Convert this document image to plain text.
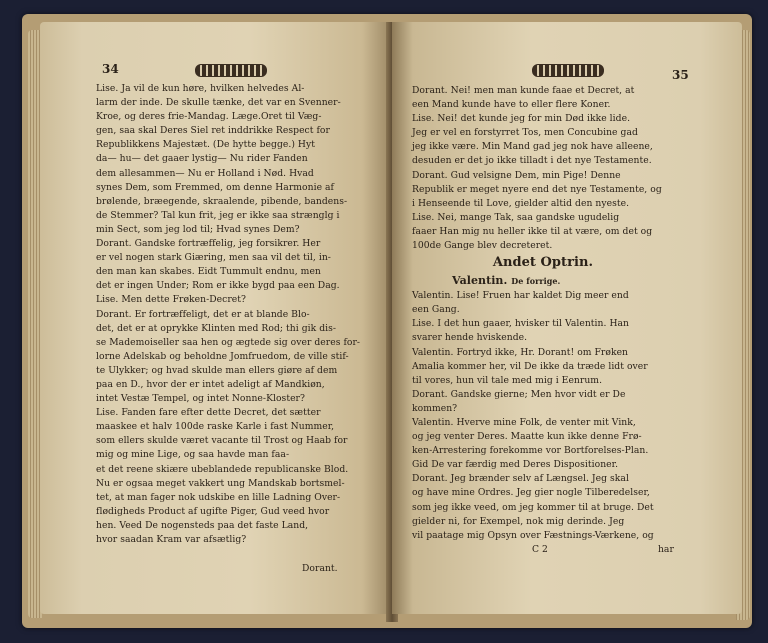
34
Lise. Ja vil de kun høre, hvilken helvedes Al-
larm der inde. De skulle tænke, det var en Svenner-
Kroe, og deres frie-Mandag. Læge.Oret til Væg-
gen, saa skal Deres Siel ret inddrikke Respect for
Republikkens Majestæt. (De hytte begge.) Hyt
da— hu— det gaaer lystig— Nu rider Fanden
dem allesammen— Nu er Holland i Nød. Hvad
synes Dem, som Fremmed, om denne Harmonie af
brølende, bræegende, skraalende, pibende, bandens-
de Stemmer? Tal kun frit, jeg er ikke saa strænglg i
min Sect, som jeg lod til; Hvad synes Dem?
Dorant. Gandske fortræffelig, jeg forsikrer. Her
er vel nogen stark Giæring, men saa vil det til, in-
den man kan skabes. Eidt Tummult endnu, men
det er ingen Under; Rom er ikke bygd paa een Dag.
Lise. Men dette Frøken-Decret?
Dorant. Er fortræffeligt, det er at blande Blo-
det, det er at oprykke Klinten med Rod; thi gik dis-
se Mademoiseller saa hen og ægtede sig over deres for-
lorne Adelskab og beholdne Jomfruedom, de ville stif-
te Ulykker; og hvad skulde man ellers giøre af dem
paa en D., hvor der er intet adeligt af Mandkiøn,
intet Vestæ Tempel, og intet Nonne-Kloster?
Lise. Fanden fare efter dette Decret, det sætter
maaskee et halv 100de raske Karle i fast Nummer,
som ellers skulde været vacante til Trost og Haab for
mig og mine Lige, og saa havde man faa-
et det reene skiære ubeblandede republicanske Blod.
Nu er ogsaa meget vakkert ung Mandskab bortsmel-
tet, at man fager nok udskibe en lille Ladning Over-
flødigheds Product af ugifte Piger, Gud veed hvor
hen. Veed De nogensteds paa det faste Land,
hvor saadan Kram var afsætlig?
Dorant.
35
Dorant. Nei! men man kunde faae et Decret, at
een Mand kunde have to eller flere Koner.
Lise. Nei! det kunde jeg for min Død ikke lide.
Jeg er vel en forstyrret Tos, men Concubine gad
jeg ikke være. Min Mand gad jeg nok have alleene,
desuden er det jo ikke tilladt i det nye Testamente.
Dorant. Gud velsigne Dem, min Pige! Denne
Republik er meget nyere end det nye Testamente, og
i Henseende til Love, gielder altid den nyeste.
Lise. Nei, mange Tak, saa gandske ugudelig
faaer Han mig nu heller ikke til at være, om det og
100de Gange blev decreteret.
Andet Optrin.
Valentin. De forrige.
Valentin. Lise! Fruen har kaldet Dig meer end
een Gang.
Lise. I det hun gaaer, hvisker til Valentin. Han
svarer hende hviskende.
Valentin. Fortryd ikke, Hr. Dorant! om Frøken
Amalia kommer her, vil De ikke da træde lidt over
til vores, hun vil tale med mig i Eenrum.
Dorant. Gandske gierne; Men hvor vidt er De
kommen?
Valentin. Hverve mine Folk, de venter mit Vink,
og jeg venter Deres. Maatte kun ikke denne Frø-
ken-Arrestering forekomme vor Bortforelses-Plan.
Gid De var færdig med Deres Dispositioner.
Dorant. Jeg brænder selv af Længsel. Jeg skal
og have mine Ordres. Jeg gier nogle Tilberedelser,
som jeg ikke veed, om jeg kommer til at bruge. Det
gielder ni, for Exempel, nok mig derinde. Jeg
vil paatage mig Opsyn over Fæstnings-Værkene, og
C 2	har
